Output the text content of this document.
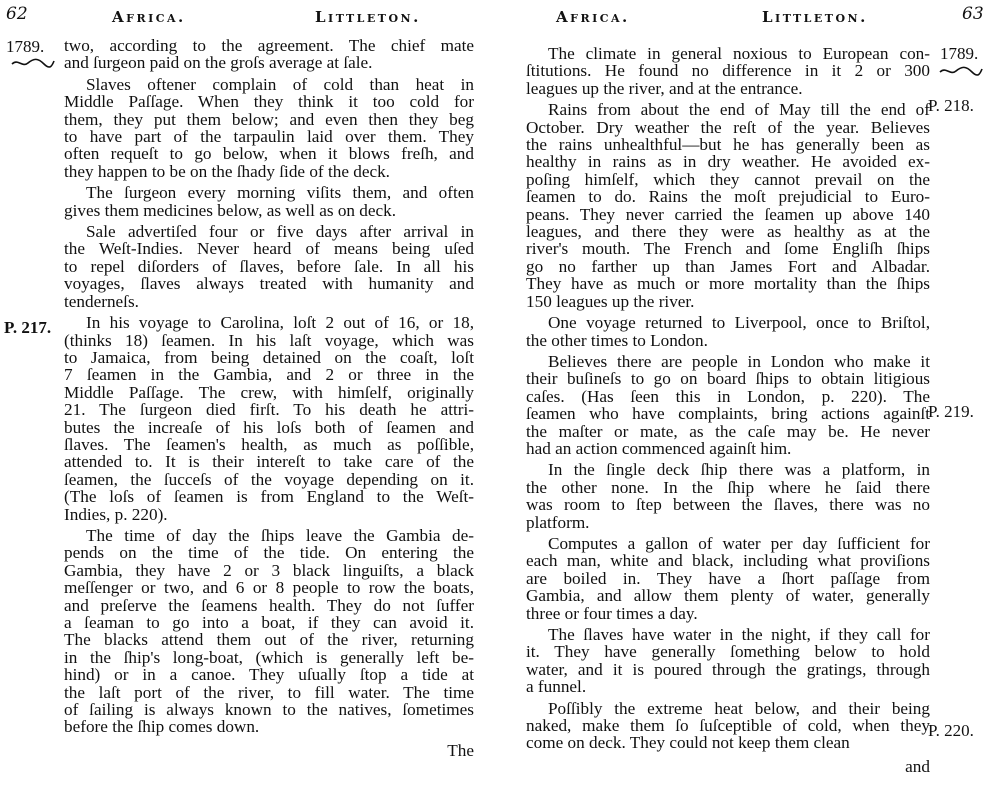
62	Africa.	Littleton.
1789.
P. 217.
two, according to the agreement. The chief mate
and ſurgeon paid on the groſs average at ſale.
Slaves oftener complain of cold than heat in
Middle Paſſage. When they think it too cold for
them, they put them below; and even then they beg
to have part of the tarpaulin laid over them. They
often requeſt to go below, when it blows freſh, and
they happen to be on the ſhady ſide of the deck.
The ſurgeon every morning viſits them, and often
gives them medicines below, as well as on deck.
Sale advertiſed four or five days after arrival in
the Weſt-Indies. Never heard of means being uſed
to repel diſorders of ſlaves, before ſale. In all his
voyages, ſlaves always treated with humanity and
tenderneſs.
In his voyage to Carolina, loſt 2 out of 16, or 18,
(thinks 18) ſeamen. In his laſt voyage, which was
to Jamaica, from being detained on the coaſt, loſt
7 ſeamen in the Gambia, and 2 or three in the
Middle Paſſage. The crew, with himſelf, originally
21. The ſurgeon died firſt. To his death he attri-
butes the increaſe of his loſs both of ſeamen and
ſlaves. The ſeamen's health, as much as poſſible,
attended to. It is their intereſt to take care of the
ſeamen, the ſucceſs of the voyage depending on it.
(The loſs of ſeamen is from England to the Weſt-
Indies, p. 220).
The time of day the ſhips leave the Gambia de-
pends on the time of the tide. On entering the
Gambia, they have 2 or 3 black linguiſts, a black
meſſenger or two, and 6 or 8 people to row the boats,
and preſerve the ſeamens health. They do not ſuffer
a ſeaman to go into a boat, if they can avoid it.
The blacks attend them out of the river, returning
in the ſhip's long-boat, (which is generally left be-
hind) or in a canoe. They uſually ſtop a tide at
the laſt port of the river, to fill water. The time
of ſailing is always known to the natives, ſometimes
before the ſhip comes down.
The
Africa.	Littleton.	63
1789.
P. 218.
P. 219.
P. 220.
The climate in general noxious to European con-
ſtitutions. He found no difference in it 2 or 300
leagues up the river, and at the entrance.
Rains from about the end of May till the end of
October. Dry weather the reſt of the year. Believes
the rains unhealthful—but he has generally been as
healthy in rains as in dry weather. He avoided ex-
poſing himſelf, which they cannot prevail on the
ſeamen to do. Rains the moſt prejudicial to Euro-
peans. They never carried the ſeamen up above 140
leagues, and there they were as healthy as at the
river's mouth. The French and ſome Engliſh ſhips
go no farther up than James Fort and Albadar.
They have as much or more mortality than the ſhips
150 leagues up the river.
One voyage returned to Liverpool, once to Briſtol,
the other times to London.
Believes there are people in London who make it
their buſineſs to go on board ſhips to obtain litigious
caſes. (Has ſeen this in London, p. 220). The
ſeamen who have complaints, bring actions againſt
the maſter or mate, as the caſe may be. He never
had an action commenced againſt him.
In the ſingle deck ſhip there was a platform, in
the other none. In the ſhip where he ſaid there
was room to ſtep between the ſlaves, there was no
platform.
Computes a gallon of water per day ſufficient for
each man, white and black, including what proviſions
are boiled in. They have a ſhort paſſage from
Gambia, and allow them plenty of water, generally
three or four times a day.
The ſlaves have water in the night, if they call for
it. They have generally ſomething below to hold
water, and it is poured through the gratings, through
a funnel.
Poſſibly the extreme heat below, and their being
naked, make them ſo ſuſceptible of cold, when they
come on deck. They could not keep them clean
and
